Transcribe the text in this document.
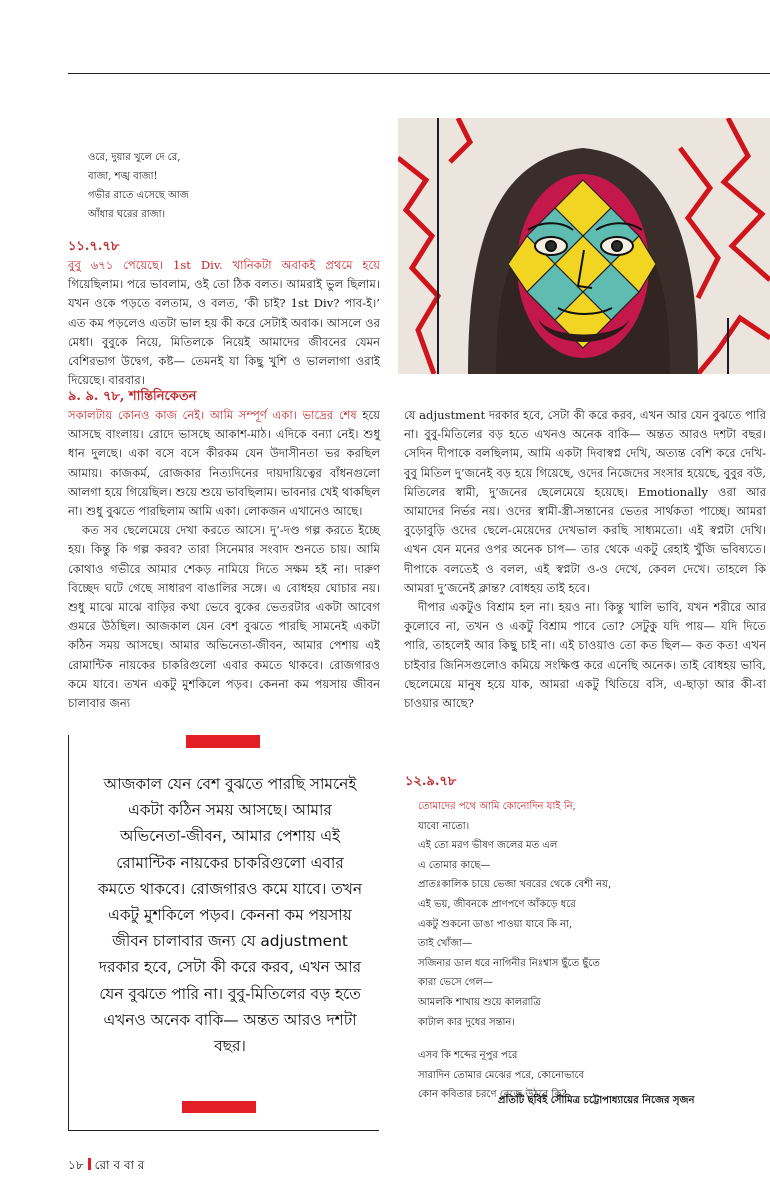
ওরে, দুয়ার খুলে দে রে,
বাজা, শঙ্খ বাজা!
গভীর রাতে এসেছে আজ
আঁধার ঘরের রাজা।
১১.৭.৭৮

বুবু ৬৭১ পেয়েছে। 1st Div. খানিকটা অবাকই প্রথমে হয়ে গিয়েছিলাম। পরে ভাবলাম, ওই তো ঠিক বলত। আমরাই ভুল ছিলাম। যখন ওকে পড়তে বলতাম, ও বলত, ‘কী চাই? 1st Div? পাব-ই।’ এত কম পড়লেও এতটা ভাল হয় কী করে সেটাই অবাক। আসলে ওর মেধা। বুবুকে নিয়ে, মিতিলকে নিয়েই আমাদের জীবনের যেমন বেশিরভাগ উদ্বেগ, কষ্ট— তেমনই যা কিছু খুশি ও ভাললাগা ওরাই দিয়েছে। বারবার।

৯. ৯. ৭৮, শান্তিনিকেতন

সকালটায় কোনও কাজ নেই। আমি সম্পূর্ণ একা। ভাদ্রের শেষ হয়ে আসছে বাংলায়। রোদে ভাসছে আকাশ-মাঠ। এদিকে বন্যা নেই। শুধু ধান দুলছে। একা বসে বসে কীরকম যেন উদাসীনতা ভর করছিল আমায়। কাজকর্ম, রোজকার নিত্যদিনের দায়দায়িত্বের বাঁধনগুলো আলগা হয়ে গিয়েছিল। শুয়ে শুয়ে ভাবছিলাম। ভাবনার খেই থাকছিল না। শুধু বুঝতে পারছিলাম আমি একা। লোকজন এখানেও আছে।

কত সব ছেলেমেয়ে দেখা করতে আসে। দু’-দণ্ড গল্প করতে ইচ্ছে হয়। কিন্তু কি গল্প করব? তারা সিনেমার সংবাদ শুনতে চায়। আমি কোথাও গভীরে আমার শেকড় নামিয়ে দিতে সক্ষম হই না। দারুণ বিচ্ছেদ ঘটে গেছে সাধারণ বাঙালির সঙ্গে। এ বোধহয় ঘোচার নয়। শুধু মাঝে মাঝে বাড়ির কথা ভেবে বুকের ভেতরটার একটা আবেগ গুমরে উঠছিল। আজকাল যেন বেশ বুঝতে পারছি সামনেই একটা কঠিন সময় আসছে। আমার অভিনেতা-জীবন, আমার পেশায় এই রোমান্টিক নায়কের চাকরিগুলো এবার কমতে থাকবে। রোজগারও কমে যাবে। তখন একটু মুশকিলে পড়ব। কেননা কম পয়সায় জীবন চালাবার জন্য

যে adjustment দরকার হবে, সেটা কী করে করব, এখন আর যেন বুঝতে পারি না। বুবু-মিতিলের বড় হতে এখনও অনেক বাকি— অন্তত আরও দশটা বছর। সেদিন দীপাকে বলছিলাম, আমি একটা দিবাস্বপ্ন দেখি, অত্যন্ত বেশি করে দেখি-বুবু মিতিল দু’জনেই বড় হয়ে গিয়েছে, ওদের নিজেদের সংসার হয়েছে, বুবুর বউ, মিতিলের স্বামী, দু’জনের ছেলেমেয়ে হয়েছে। Emotionally ওরা আর আমাদের নির্ভর নয়। ওদের স্বামী-স্ত্রী-সন্তানের ভেতর সার্থকতা পাচ্ছে। আমরা বুড়োবুড়ি ওদের ছেলে-মেয়েদের দেখভাল করছি সাধ্যমতো। এই স্বপ্নটা দেখি। এখন যেন মনের ওপর অনেক চাপ— তার থেকে একটু রেহাই খুঁজি ভবিষ্যতে। দীপাকে বলতেই ও বলল, এই স্বপ্নটা ও-ও দেখে, কেবল দেখে। তাহলে কি আমরা দু’জনেই ক্লান্ত? বোধহয় তাই হবে।

দীপার একটুও বিশ্রাম হল না। হয়ও না। কিন্তু খালি ভাবি, যখন শরীরে আর কুলোবে না, তখন ও একটু বিশ্রাম পাবে তো? সেটুকু যদি পায়— যদি দিতে পারি, তাহলেই আর কিছু চাই না। এই চাওয়াও তো কত ছিল— কত কত! এখন চাইবার জিনিসগুলোও কমিয়ে সংক্ষিপ্ত করে এনেছি অনেক। তাই বোধহয় ভাবি, ছেলেমেয়ে মানুষ হয়ে যাক, আমরা একটু থিতিয়ে বসি, এ-ছাড়া আর কী-বা চাওয়ার আছে?

আজকাল যেন বেশ বুঝতে পারছি সামনেই একটা কঠিন সময় আসছে। আমার অভিনেতা-জীবন, আমার পেশায় এই রোমান্টিক নায়কের চাকরিগুলো এবার কমতে থাকবে। রোজগারও কমে যাবে। তখন একটু মুশকিলে পড়ব। কেননা কম পয়সায় জীবন চালাবার জন্য যে adjustment দরকার হবে, সেটা কী করে করব, এখন আর যেন বুঝতে পারি না। বুবু-মিতিলের বড় হতে এখনও অনেক বাকি— অন্তত আরও দশটা বছর।
১২.৯.৭৮
তোমাদের পথে আমি কোনোদিন যাই নি,
যাবো নাতো।
এই তো মরণ ভীষণ জলের মত এল
এ তোমার কাছে—
প্রাতঃকালিক চায়ে ভেজা খবরের থেকে বেশী নয়,
এই ভয়, জীবনকে প্রাণপণে আঁকড়ে ধরে
একটু শুকনো ডাঙা পাওয়া যাবে কি না,
তাই খোঁজা—
সজিনার ডাল ধরে নাগিনীর নিঃশ্বাস ছুঁতে ছুঁতে
কারা ভেসে গেল—
আমলকি শাখায় শুয়ে কালরাত্রি
কাটাল কার দুধের সন্তান।
এসব কি শব্দের নূপুর পরে
সারাদিন তোমার মেঝের পরে, কোনোভাবে
কোন কবিতার চরণে বেজে উঠবে কি?
প্রতিটি ছবিই সৌমিত্র চট্টোপাধ্যায়ের নিজের সৃজন
১৮ রো ব বা র
